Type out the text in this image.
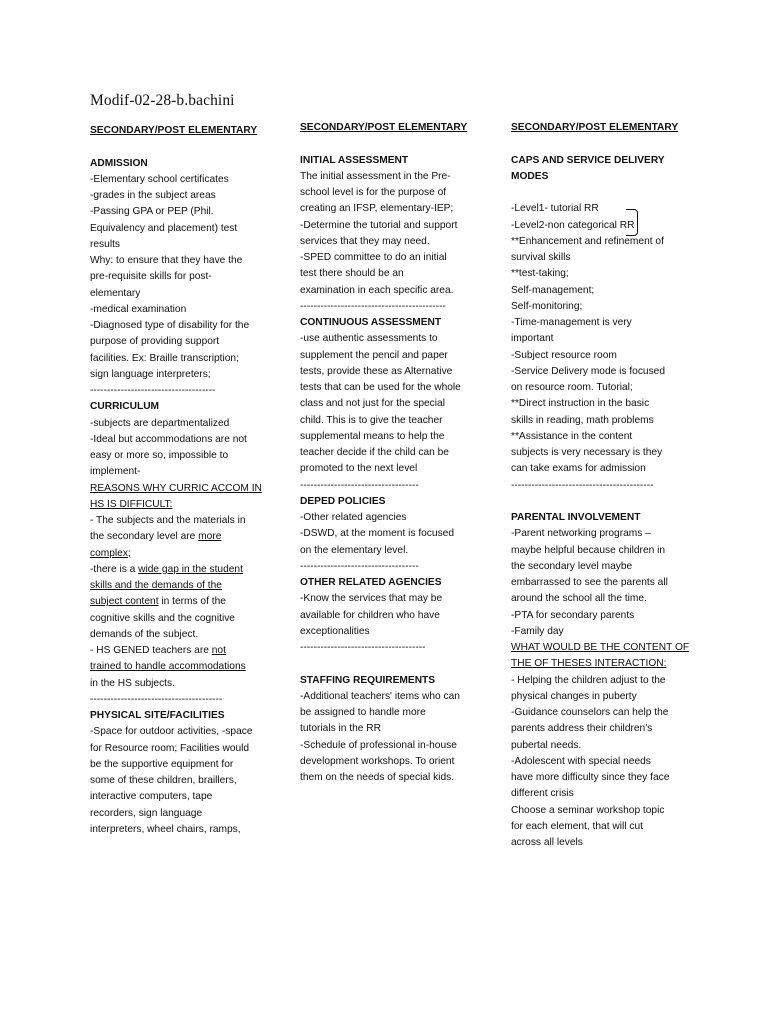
Modif-02-28-b.bachini
SECONDARY/POST ELEMENTARY
ADMISSION
-Elementary school certificates
-grades in the subject areas
-Passing GPA or PEP (Phil.
Equivalency and placement) test
results
Why: to ensure that they have the
pre-requisite skills for post-
elementary
-medical examination
-Diagnosed type of disability for the
purpose of providing support
facilities. Ex: Braille transcription;
sign language interpreters;
-------------------------------------
CURRICULUM
-subjects are departmentalized
-Ideal but accommodations are not
easy or more so, impossible to
implement-
REASONS WHY CURRIC ACCOM IN
HS IS DIFFICULT:
- The subjects and the materials in
the secondary level are more
complex;
-there is a wide gap in the student
skills and the demands of the
subject content in terms of the
cognitive skills and the cognitive
demands of the subject.
- HS GENED teachers are not
trained to handle accommodations
in the HS subjects.
---------------------------------------
PHYSICAL SITE/FACILITIES
-Space for outdoor activities, -space
for Resource room; Facilities would
be the supportive equipment for
some of these children, braillers,
interactive computers, tape
recorders, sign language
interpreters, wheel chairs, ramps,
SECONDARY/POST ELEMENTARY
INITIAL ASSESSMENT
The initial assessment in the Pre-
school level is for the purpose of
creating an IFSP, elementary-IEP;
-Determine the tutorial and support
services that they may need.
-SPED committee to do an initial
test there should be an
examination in each specific area.
-------------------------------------------
CONTINUOUS ASSESSMENT
-use authentic assessments to
supplement the pencil and paper
tests, provide these as Alternative
tests that can be used for the whole
class and not just for the special
child. This is to give the teacher
supplemental means to help the
teacher decide if the child can be
promoted to the next level
-----------------------------------
DEPED POLICIES
-Other related agencies
-DSWD, at the moment is focused
on the elementary level.
-----------------------------------
OTHER RELATED AGENCIES
-Know the services that may be
available for children who have
exceptionalities
-------------------------------------
STAFFING REQUIREMENTS
-Additional teachers' items who can
be assigned to handle more
tutorials in the RR
-Schedule of professional in-house
development workshops. To orient
them on the needs of special kids.
SECONDARY/POST ELEMENTARY
CAPS AND SERVICE DELIVERY
MODES
-Level1- tutorial RR
-Level2-non categorical RR
**Enhancement and refinement of
survival skills
**test-taking;
Self-management;
Self-monitoring;
-Time-management is very
important
-Subject resource room
-Service Delivery mode is focused
on resource room. Tutorial;
**Direct instruction in the basic
skills in reading, math problems
**Assistance in the content
subjects is very necessary is they
can take exams for admission
------------------------------------------
PARENTAL INVOLVEMENT
-Parent networking programs –
maybe helpful because children in
the secondary level maybe
embarrassed to see the parents all
around the school all the time.
-PTA for secondary parents
-Family day
WHAT WOULD BE THE CONTENT OF
THE OF THESES INTERACTION:
- Helping the children adjust to the
physical changes in puberty
-Guidance counselors can help the
parents address their children's
pubertal needs.
-Adolescent with special needs
have more difficulty since they face
different crisis
Choose a seminar workshop topic
for each element, that will cut
across all levels
